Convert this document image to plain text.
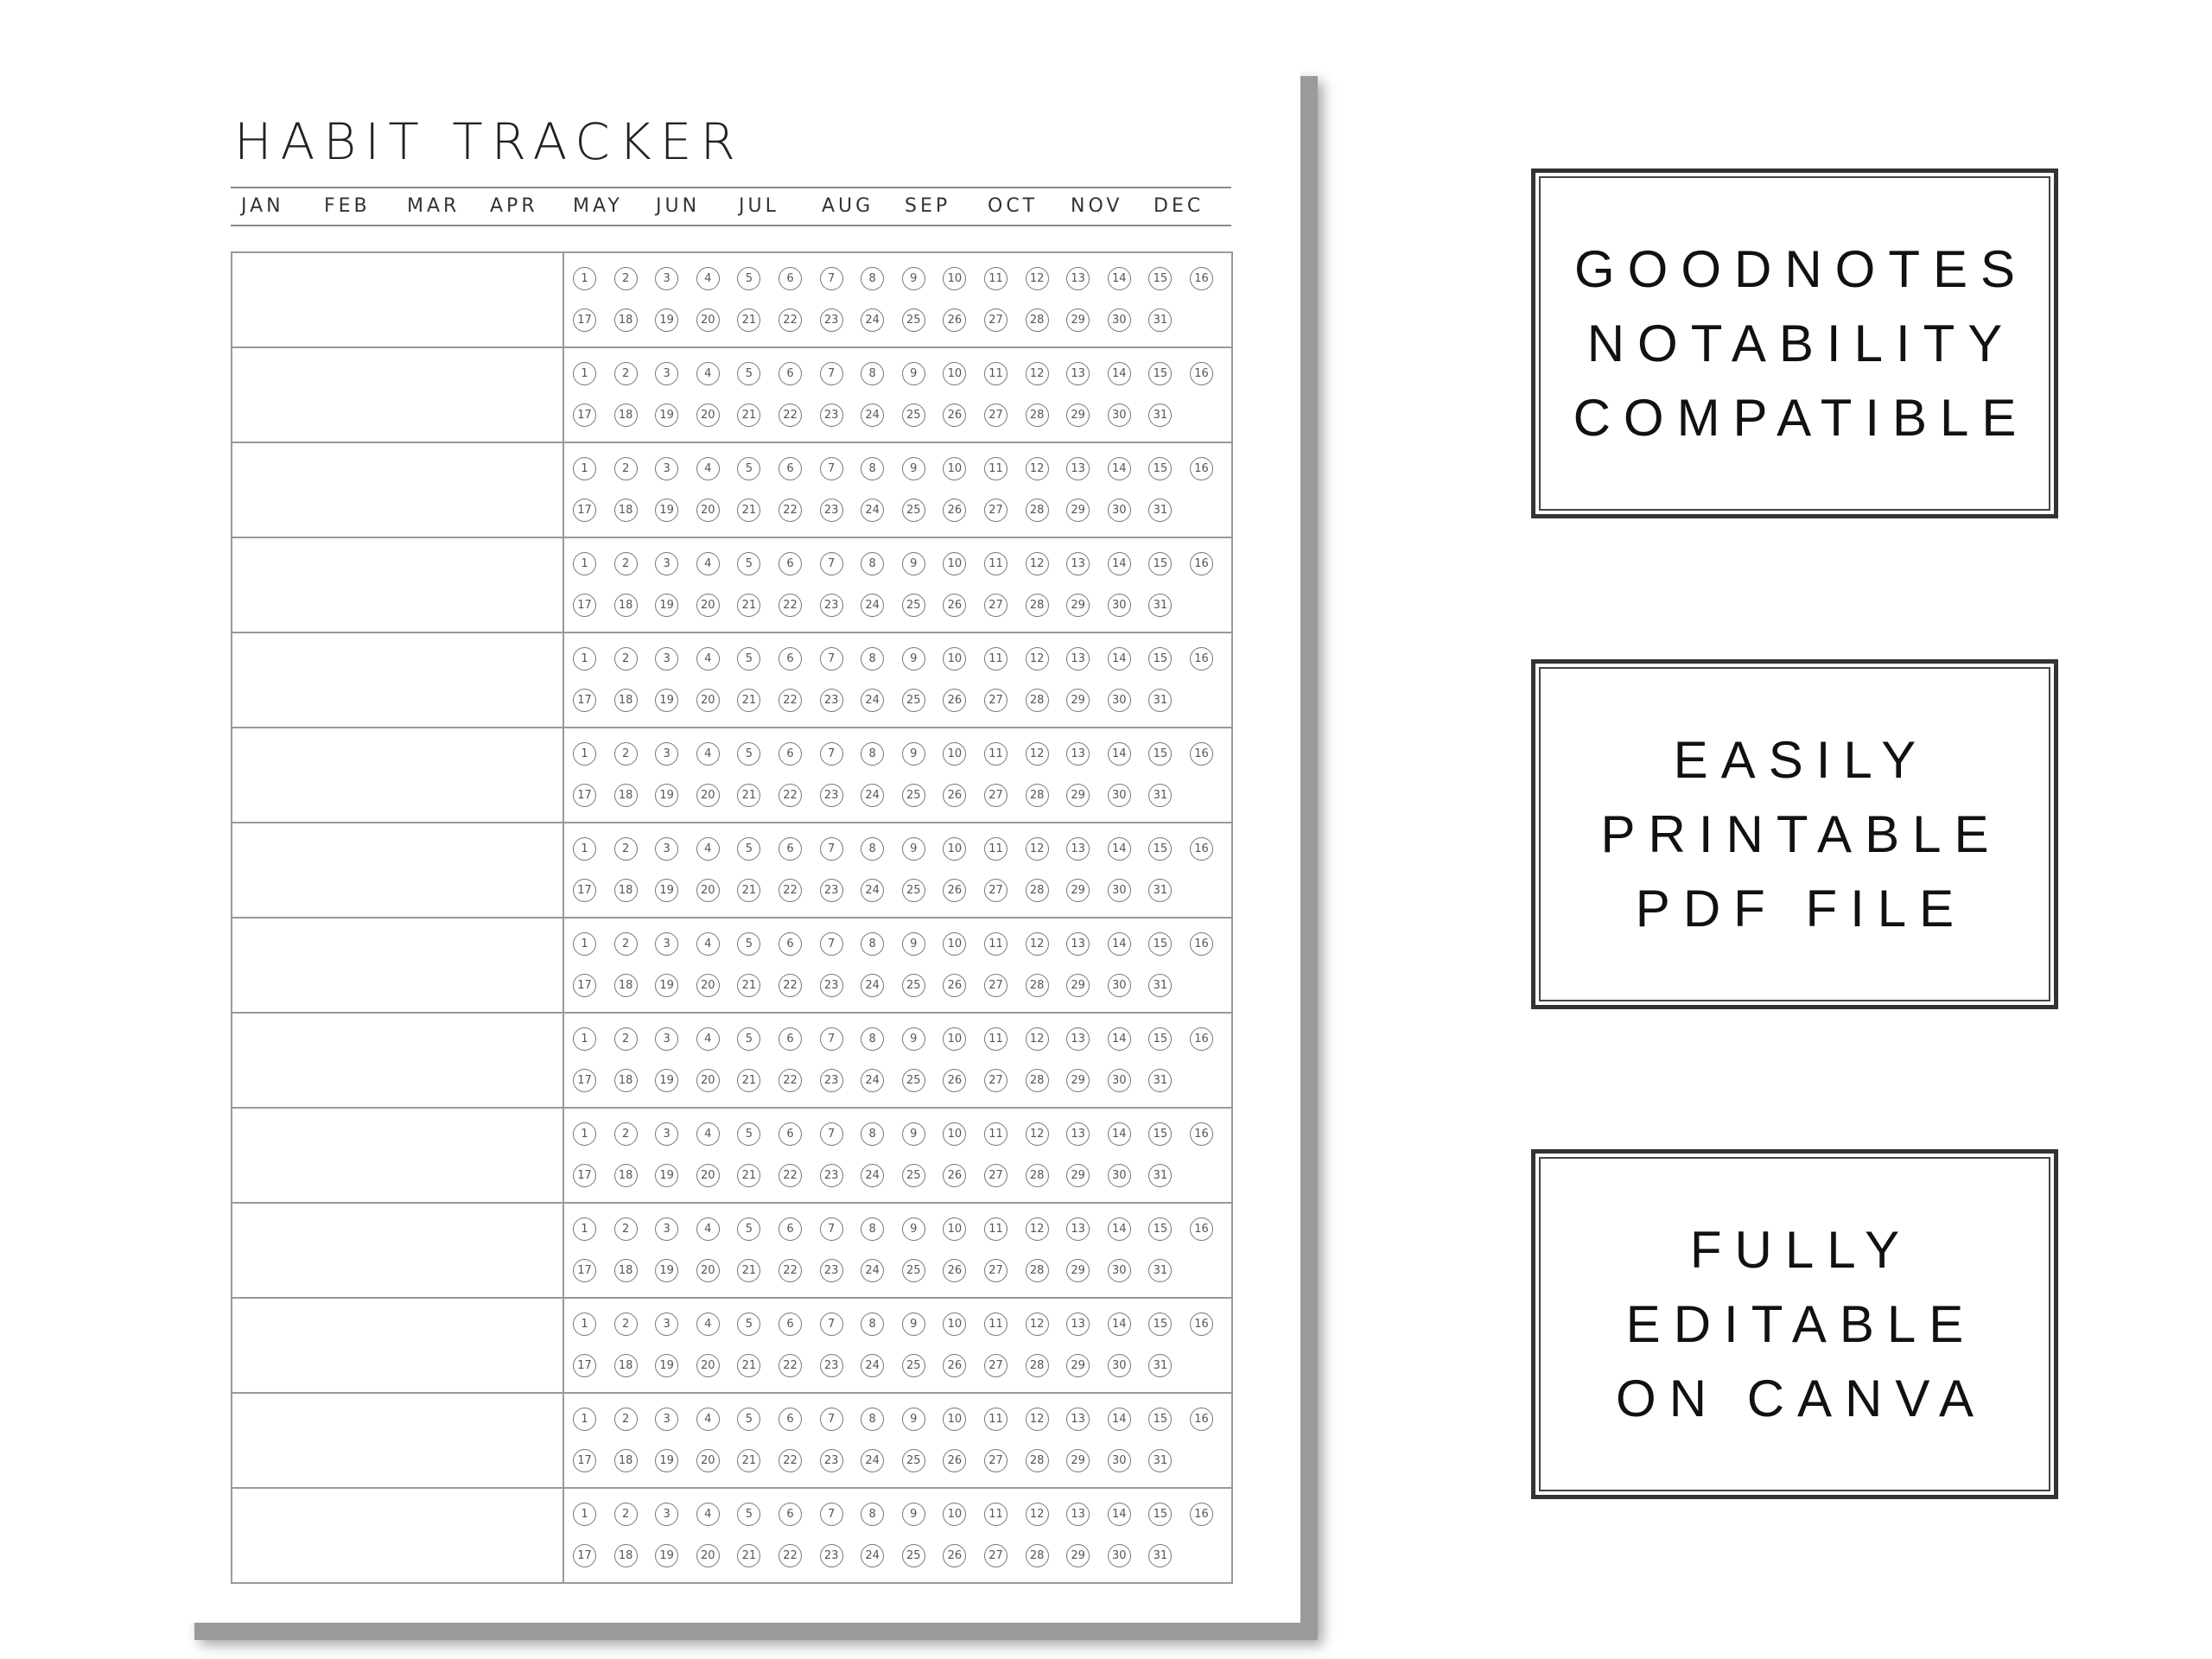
HABIT TRACKER
JAN FEB MAR APR MAY JUN JUL AUG SEP OCT NOV DEC
1	2	3	4	5	6	7	8	9	10	11	12	13	14	15	16
17	18	19	20	21	22	23	24	25	26	27	28	29	30	31
1	2	3	4	5	6	7	8	9	10	11	12	13	14	15	16
17	18	19	20	21	22	23	24	25	26	27	28	29	30	31
1	2	3	4	5	6	7	8	9	10	11	12	13	14	15	16
17	18	19	20	21	22	23	24	25	26	27	28	29	30	31
1	2	3	4	5	6	7	8	9	10	11	12	13	14	15	16
17	18	19	20	21	22	23	24	25	26	27	28	29	30	31
1	2	3	4	5	6	7	8	9	10	11	12	13	14	15	16
17	18	19	20	21	22	23	24	25	26	27	28	29	30	31
1	2	3	4	5	6	7	8	9	10	11	12	13	14	15	16
17	18	19	20	21	22	23	24	25	26	27	28	29	30	31
1	2	3	4	5	6	7	8	9	10	11	12	13	14	15	16
17	18	19	20	21	22	23	24	25	26	27	28	29	30	31
1	2	3	4	5	6	7	8	9	10	11	12	13	14	15	16
17	18	19	20	21	22	23	24	25	26	27	28	29	30	31
1	2	3	4	5	6	7	8	9	10	11	12	13	14	15	16
17	18	19	20	21	22	23	24	25	26	27	28	29	30	31
1	2	3	4	5	6	7	8	9	10	11	12	13	14	15	16
17	18	19	20	21	22	23	24	25	26	27	28	29	30	31
1	2	3	4	5	6	7	8	9	10	11	12	13	14	15	16
17	18	19	20	21	22	23	24	25	26	27	28	29	30	31
1	2	3	4	5	6	7	8	9	10	11	12	13	14	15	16
17	18	19	20	21	22	23	24	25	26	27	28	29	30	31
1	2	3	4	5	6	7	8	9	10	11	12	13	14	15	16
17	18	19	20	21	22	23	24	25	26	27	28	29	30	31
1	2	3	4	5	6	7	8	9	10	11	12	13	14	15	16
17	18	19	20	21	22	23	24	25	26	27	28	29	30	31
GOODNOTES
NOTABILITY
COMPATIBLE
EASILY
PRINTABLE
PDF FILE
FULLY
EDITABLE
ON CANVA
